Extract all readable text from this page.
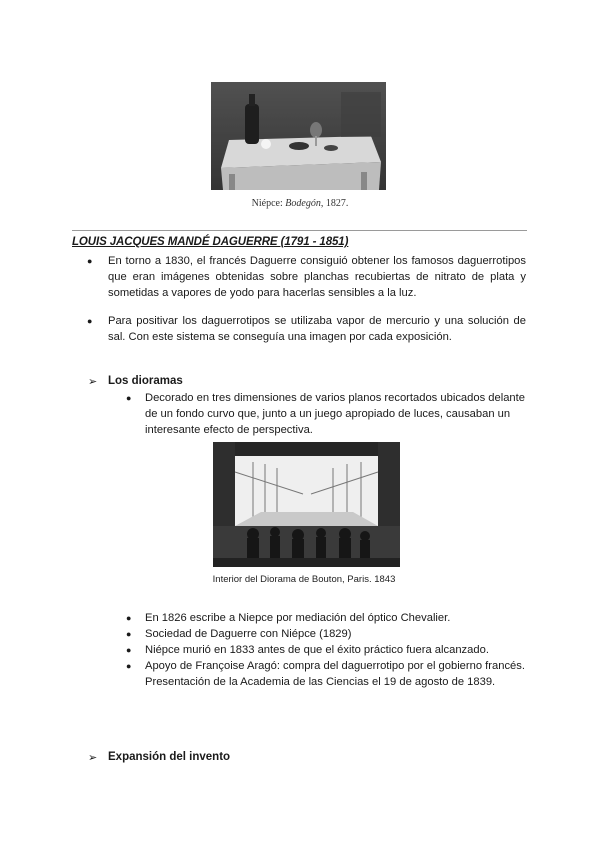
Niépce: Bodegón, 1827.
LOUIS JACQUES MANDÉ DAGUERRE (1791 - 1851)
● En torno a 1830, el francés Daguerre consiguió obtener los famosos daguerrotipos que eran imágenes obtenidas sobre planchas recubiertas de nitrato de plata y sometidas a vapores de yodo para hacerlas sensibles a la luz.
● Para positivar los daguerrotipos se utilizaba vapor de mercurio y una solución de sal. Con este sistema se conseguía una imagen por cada exposición.
➢ Los dioramas
● Decorado en tres dimensiones de varios planos recortados ubicados delante de un fondo curvo que, junto a un juego apropiado de luces, causaban un interesante efecto de perspectiva.
Interior del Diorama de Bouton, Paris. 1843
● En 1826 escribe a Niepce por mediación del óptico Chevalier.
● Sociedad de Daguerre con Niépce (1829)
● Niépce murió en 1833 antes de que el éxito práctico fuera alcanzado.
● Apoyo de Françoise Aragó: compra del daguerrotipo por el gobierno francés. Presentación de la Academia de las Ciencias el 19 de agosto de 1839.
➢ Expansión del invento
